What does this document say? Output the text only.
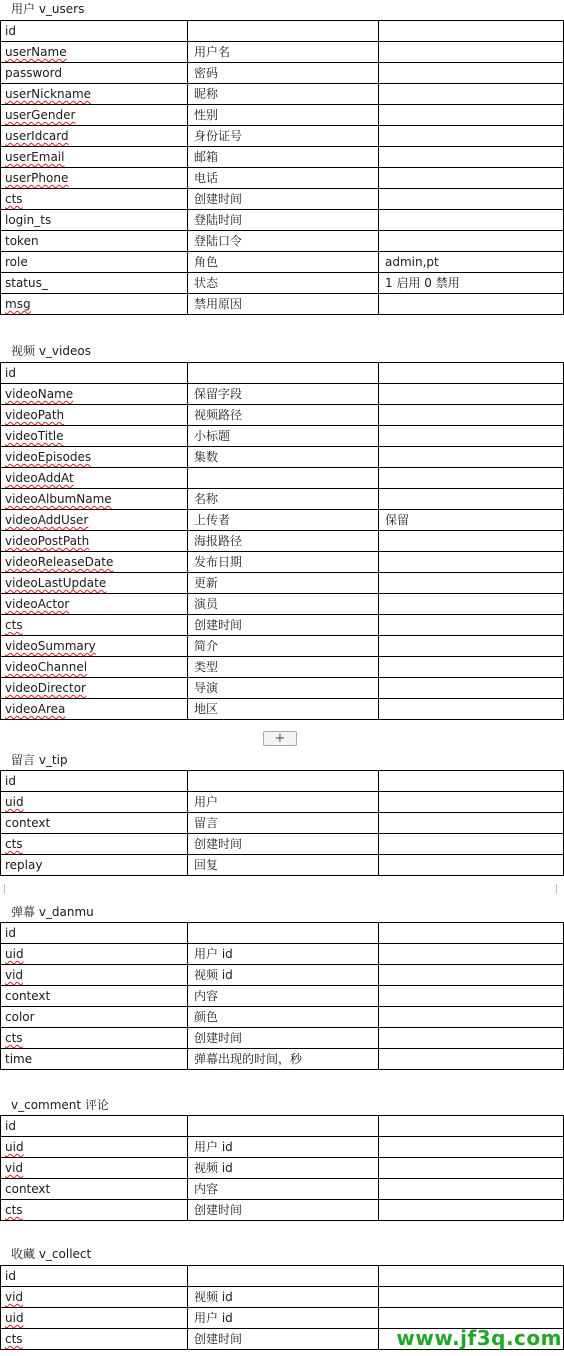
用户 v_users
视频 v_videos
留言 v_tip
弹幕 v_danmu
v_comment 评论
收藏 v_collect
id		
userName	用户名	
password	密码	
userNickname	昵称	
userGender	性别	
userIdcard	身份证号	
userEmail	邮箱	
userPhone	电话	
cts	创建时间	
login_ts	登陆时间	
token	登陆口令	
role	角色	admin,pt
status_	状态	1 启用 0 禁用
msg	禁用原因	
id		
videoName	保留字段	
videoPath	视频路径	
videoTitle	小标题	
videoEpisodes	集数	
videoAddAt		
videoAlbumName	名称	
videoAddUser	上传者	保留
videoPostPath	海报路径	
videoReleaseDate	发布日期	
videoLastUpdate	更新	
videoActor	演员	
cts	创建时间	
videoSummary	简介	
videoChannel	类型	
videoDirector	导演	
videoArea	地区	
id		
uid	用户	
context	留言	
cts	创建时间	
replay	回复	
id		
uid	用户 id	
vid	视频 id	
context	内容	
color	颜色	
cts	创建时间	
time	弹幕出现的时间，秒	
id		
uid	用户 id	
vid	视频 id	
context	内容	
cts	创建时间	
id		
vid	视频 id	
uid	用户 id	
cts	创建时间	
+
www.jf3q.com
